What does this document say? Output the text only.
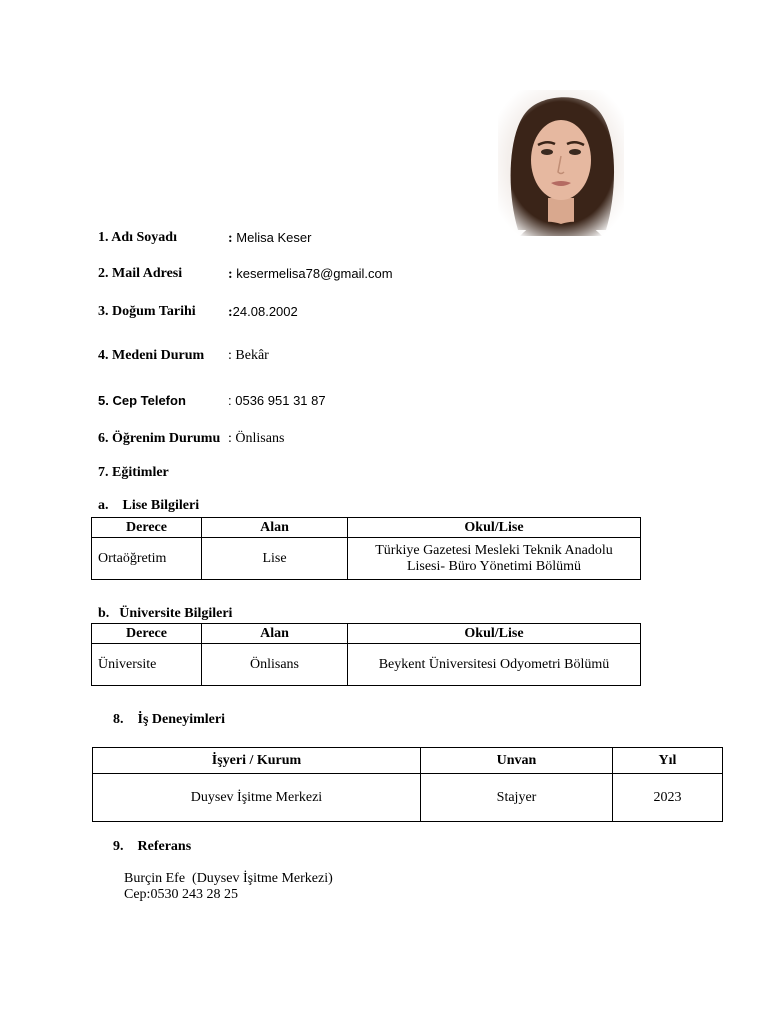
1. Adı Soyadı	: Melisa Keser
2. Mail Adresi	: kesermelisa78@gmail.com
3. Doğum Tarihi :24.08.2002
4. Medeni Durum : Bekâr
5. Cep Telefon	: 0536 951 31 87
6. Öğrenim Durumu : Önlisans
7. Eğitimler
a. Lise Bilgileri
Derece	Alan	Okul/Lise
Ortaöğretim	Lise	Türkiye Gazetesi Mesleki Teknik Anadolu
Lisesi- Büro Yönetimi Bölümü
b. Üniversite Bilgileri
Derece	Alan	Okul/Lise
Üniversite	Önlisans	Beykent Üniversitesi Odyometri Bölümü
8. İş Deneyimleri
İşyeri / Kurum	Unvan	Yıl
Duysev İşitme Merkezi	Stajyer	2023
9. Referans
Burçin Efe  (Duysev İşitme Merkezi)
Cep:0530 243 28 25
